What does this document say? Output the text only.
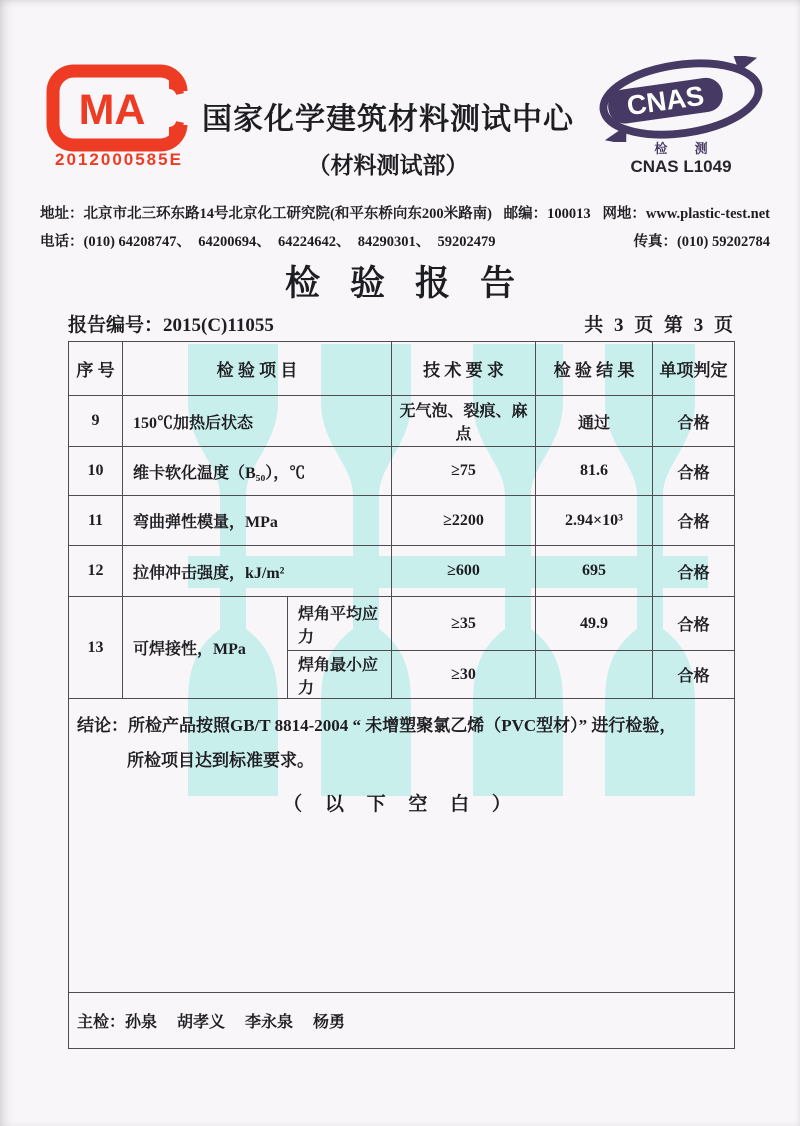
MA
2012000585E
国家化学建筑材料测试中心
（材料测试部）
CNAS
检 测
CNAS L1049
地址：北京市北三环东路14号北京化工研究院(和平东桥向东200米路南) 邮编：100013 网地：www.plastic-test.net
电话：(010) 64208747、　64200694、　64224642、　84290301、　59202479	传真：(010) 59202784
检验报告
报告编号：2015(C)11055	共 3 页 第 3 页
序 号	检 验 项 目		技 术 要 求	检 验 结 果	单项判定
9	150℃加热后状态		无气泡、裂痕、麻点	通过	合格
10	维卡软化温度（B₅₀），℃		≥75	81.6	合格
11	弯曲弹性模量，MPa		≥2200	2.94×10³	合格
12	拉伸冲击强度，kJ/m²		≥600	695	合格
13	可焊接性，MPa	焊角平均应力	≥35	49.9	合格
		焊角最小应力	≥30		合格

结论：所检产品按照GB/T 8814-2004 “ 未增塑聚氯乙烯（PVC型材）” 进行检验，
所检项目达到标准要求。
（ 以 下 空 白 ）					

主检：孙泉　 胡孝义　 李永泉　 杨勇					
